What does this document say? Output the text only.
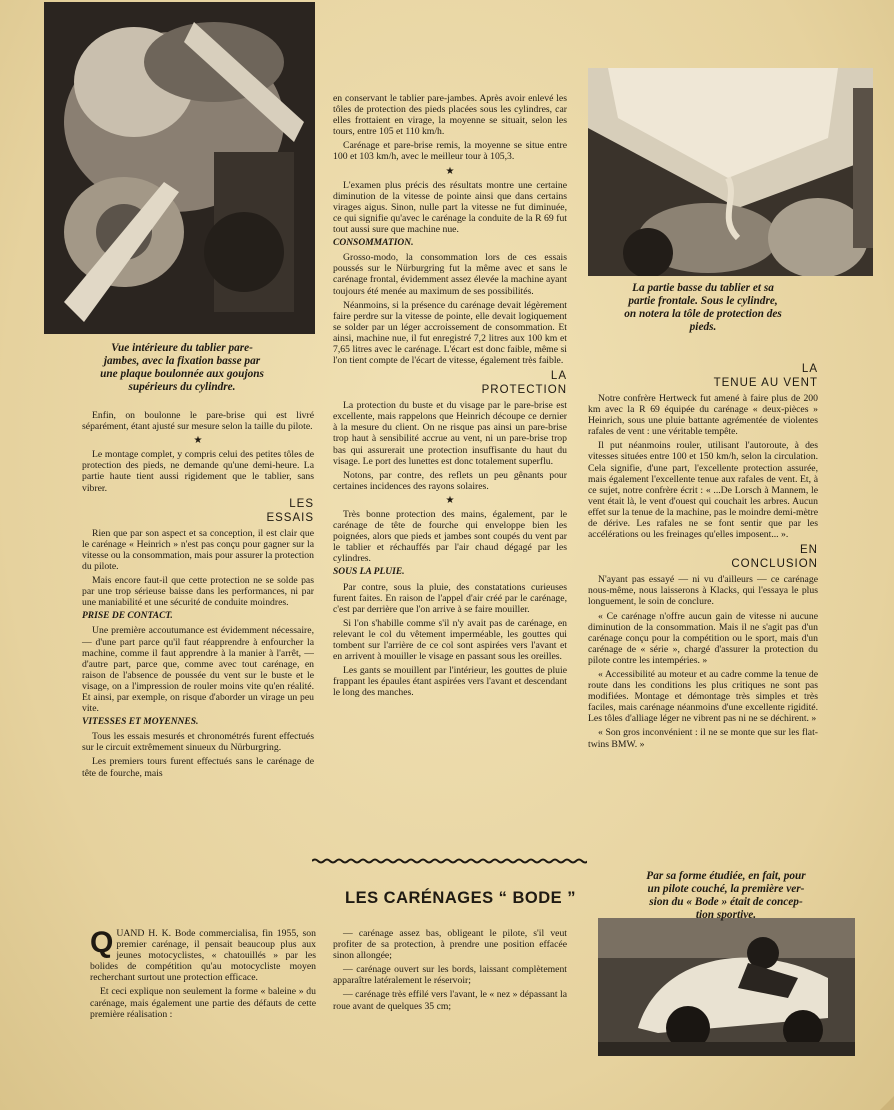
Vue intérieure du tablier pare-
jambes, avec la fixation basse par
une plaque boulonnée aux goujons
supérieurs du cylindre.
La partie basse du tablier et sa
partie frontale. Sous le cylindre,
on notera la tôle de protection des
pieds.
Par sa forme étudiée, en fait, pour
un pilote couché, la première ver-
sion du « Bode » était de concep-
tion sportive.

Enfin, on boulonne le pare-brise qui est livré séparément, étant ajusté sur mesure selon la taille du pilote.

★

Le montage complet, y compris celui des petites tôles de protection des pieds, ne demande qu'une demi-heure. La partie haute tient aussi rigidement que le tablier, sans vibrer.

LES
ESSAIS

Rien que par son aspect et sa conception, il est clair que le carénage « Heinrich » n'est pas conçu pour gagner sur la vitesse ou la consommation, mais pour assurer la protection du pilote.

Mais encore faut-il que cette protection ne se solde pas par une trop sérieuse baisse dans les performances, ni par une maniabilité et une sécurité de conduite moindres.

PRISE DE CONTACT.

Une première accoutumance est évidemment nécessaire, — d'une part parce qu'il faut réapprendre à enfourcher la machine, comme il faut apprendre à la manier à l'arrêt, — d'autre part, parce que, comme avec tout carénage, en raison de l'absence de poussée du vent sur le buste et le visage, on a l'impression de rouler moins vite qu'en réalité. Et ainsi, par exemple, on risque d'aborder un virage un peu vite.

VITESSES ET MOYENNES.

Tous les essais mesurés et chronométrés furent effectués sur le circuit extrêmement sinueux du Nürburgring.

Les premiers tours furent effectués sans le carénage de tête de fourche, mais

en conservant le tablier pare-jambes. Après avoir enlevé les tôles de protection des pieds placées sous les cylindres, car elles frottaient en virage, la moyenne se situait, selon les tours, entre 105 et 110 km/h.

Carénage et pare-brise remis, la moyenne se situe entre 100 et 103 km/h, avec le meilleur tour à 105,3.

★

L'examen plus précis des résultats montre une certaine diminution de la vitesse de pointe ainsi que dans certains virages aigus. Sinon, nulle part la vitesse ne fut diminuée, ce qui signifie qu'avec le carénage la conduite de la R 69 fut tout aussi sure que machine nue.

CONSOMMATION.

Grosso-modo, la consommation lors de ces essais poussés sur le Nürburgring fut la même avec et sans le carénage frontal, évidemment assez élevée la machine ayant toujours été menée au maximum de ses possibilités.

Néanmoins, si la présence du carénage devait légèrement faire perdre sur la vitesse de pointe, elle devait logiquement se solder par un léger accroissement de consommation. Et ainsi, machine nue, il fut enregistré 7,2 litres aux 100 km et 7,65 litres avec le carénage. L'écart est donc faible, même si l'on tient compte de l'écart de vitesse, également très faible.

LA
PROTECTION

La protection du buste et du visage par le pare-brise est excellente, mais rappelons que Heinrich découpe ce dernier à la mesure du client. On ne risque pas ainsi un pare-brise trop haut à sensibilité accrue au vent, ni un pare-brise trop bas qui assurerait une protection insuffisante du haut du visage. Le port des lunettes est donc totalement superflu.

Notons, par contre, des reflets un peu gênants pour certaines incidences des rayons solaires.

★

Très bonne protection des mains, également, par le carénage de tête de fourche qui enveloppe bien les poignées, alors que pieds et jambes sont coupés du vent par le tablier et réchauffés par l'air chaud dégagé par les cylindres.

SOUS LA PLUIE.

Par contre, sous la pluie, des constatations curieuses furent faites. En raison de l'appel d'air créé par le carénage, c'est par derrière que l'on arrive à se faire mouiller.

Si l'on s'habille comme s'il n'y avait pas de carénage, en relevant le col du vêtement imperméable, les gouttes qui tombent sur l'arrière de ce col sont aspirées vers l'avant et en arrivent à mouiller le visage en passant sous les oreilles.

Les gants se mouillent par l'intérieur, les gouttes de pluie frappant les épaules étant aspirées vers l'avant et descendant le long des manches.

LA
TENUE AU VENT

Notre confrère Hertweck fut amené à faire plus de 200 km avec la R 69 équipée du carénage « deux-pièces » Heinrich, sous une pluie battante agrémentée de violentes rafales de vent : une véritable tempête.

Il put néanmoins rouler, utilisant l'autoroute, à des vitesses situées entre 100 et 150 km/h, selon la circulation. Cela signifie, d'une part, l'excellente protection assurée, mais également l'excellente tenue aux rafales de vent. Et, à ce sujet, notre confrère écrit : « ...De Lorsch à Mannem, le vent était là, le vent d'ouest qui couchait les arbres. Aucun effet sur la tenue de la machine, pas le moindre demi-mètre de dérive. Les rafales ne se font sentir que par les accélérations ou les freinages qu'elles imposent... ».

EN
CONCLUSION

N'ayant pas essayé — ni vu d'ailleurs — ce carénage nous-même, nous laisserons à Klacks, qui l'essaya le plus longuement, le soin de conclure.

« Ce carénage n'offre aucun gain de vitesse ni aucune diminution de la consommation. Mais il ne s'agit pas d'un carénage conçu pour la compétition ou le sport, mais d'un carénage de « série », chargé d'assurer la protection du pilote contre les intempéries. »

« Accessibilité au moteur et au cadre comme la tenue de route dans les conditions les plus critiques ne sont pas modifiées. Montage et démontage très simples et très faciles, mais carénage néanmoins d'une excellente rigidité. Les tôles d'alliage léger ne vibrent pas ni ne se déchirent. »

« Son gros inconvénient : il ne se monte que sur les flat-twins BMW. »

LES CARÉNAGES “ BODE ”

QUAND H. K. Bode commercialisa, fin 1955, son premier carénage, il pensait beaucoup plus aux jeunes motocyclistes, « chatouillés » par les bolides de compétition qu'au motocycliste moyen recherchant surtout une protection efficace.

Et ceci explique non seulement la forme « baleine » du carénage, mais également une partie des défauts de cette première réalisation :

— carénage assez bas, obligeant le pilote, s'il veut profiter de sa protection, à prendre une position effacée sinon allongée;

— carénage ouvert sur les bords, laissant complètement apparaître latéralement le réservoir;

— carénage très effilé vers l'avant, le « nez » dépassant la roue avant de quelques 35 cm;
